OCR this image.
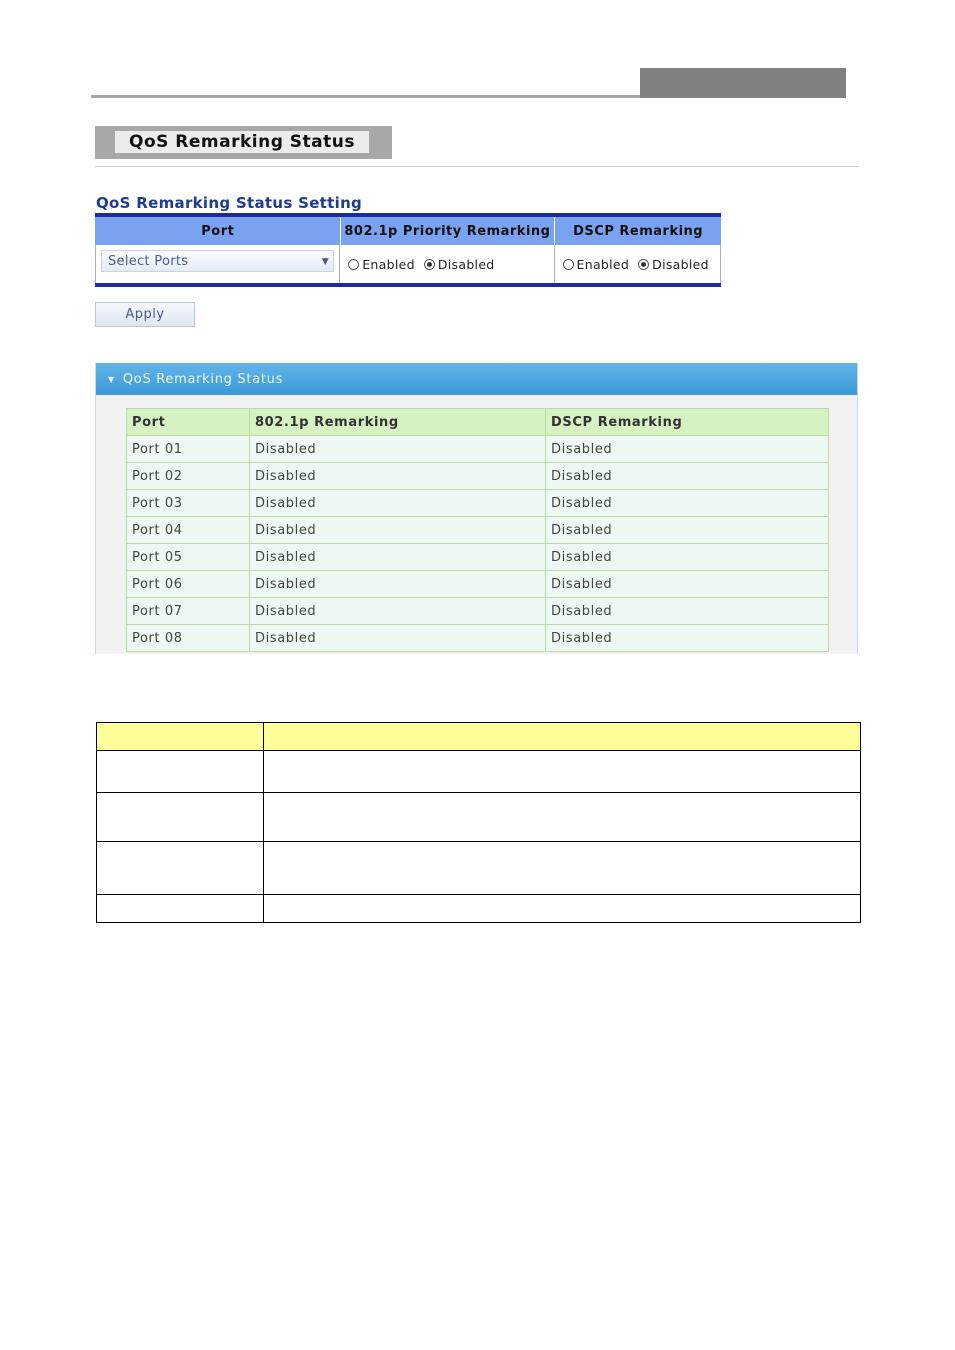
QoS Remarking Status
QoS Remarking Status Setting
Port	802.1p Priority Remarking	DSCP Remarking
Select Ports	▼	Enabled Disabled	Enabled Disabled
Apply
▼ QoS Remarking Status
Port	802.1p Remarking	DSCP Remarking
Port 01	Disabled	Disabled
Port 02	Disabled	Disabled
Port 03	Disabled	Disabled
Port 04	Disabled	Disabled
Port 05	Disabled	Disabled
Port 06	Disabled	Disabled
Port 07	Disabled	Disabled
Port 08	Disabled	Disabled
